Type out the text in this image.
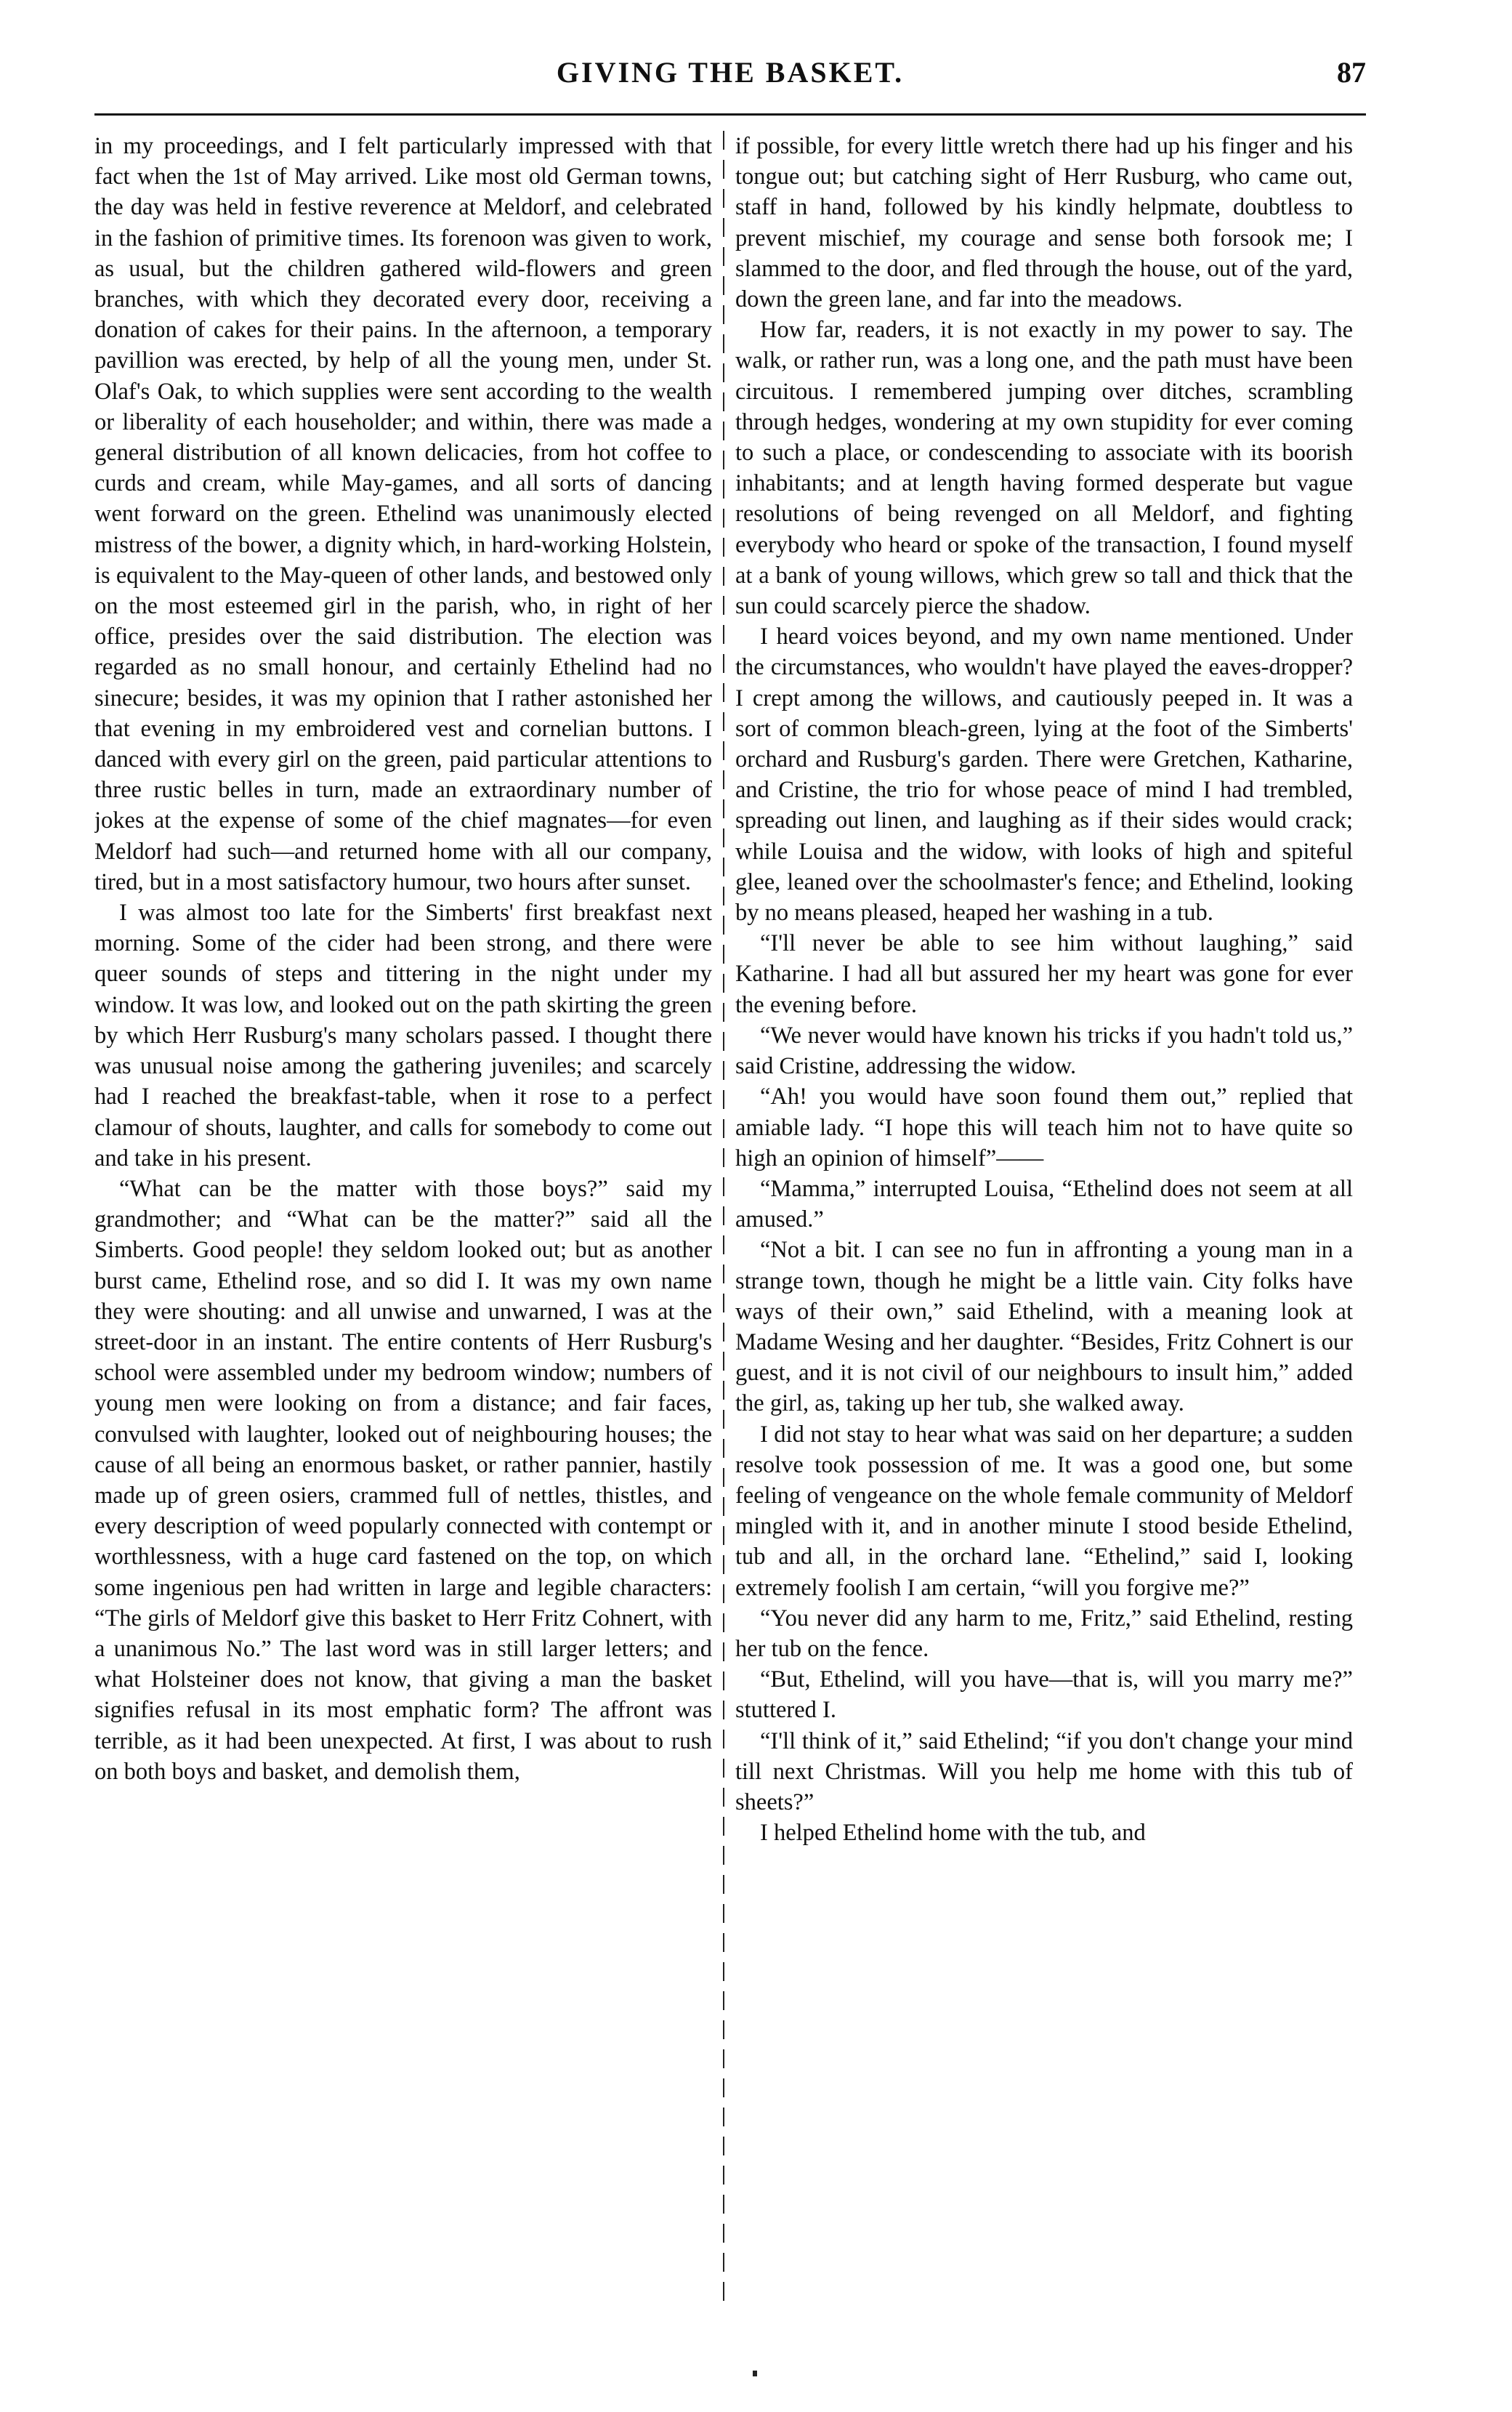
GIVING THE BASKET.	87

in my proceedings, and I felt particularly impressed with that fact when the 1st of May arrived. Like most old German towns, the day was held in festive reverence at Meldorf, and celebrated in the fashion of primitive times. Its forenoon was given to work, as usual, but the children gathered wild-flowers and green branches, with which they decorated every door, receiving a donation of cakes for their pains. In the afternoon, a temporary pavillion was erected, by help of all the young men, under St. Olaf's Oak, to which supplies were sent according to the wealth or liberality of each householder; and within, there was made a general distribution of all known delicacies, from hot coffee to curds and cream, while May-games, and all sorts of dancing went forward on the green. Ethelind was unanimously elected mistress of the bower, a dignity which, in hard-working Holstein, is equivalent to the May-queen of other lands, and bestowed only on the most esteemed girl in the parish, who, in right of her office, presides over the said distribution. The election was regarded as no small honour, and certainly Ethelind had no sinecure; besides, it was my opinion that I rather astonished her that evening in my embroidered vest and cornelian buttons. I danced with every girl on the green, paid particular attentions to three rustic belles in turn, made an extraordinary number of jokes at the expense of some of the chief magnates—for even Meldorf had such—and returned home with all our company, tired, but in a most satisfactory humour, two hours after sunset.

I was almost too late for the Simberts' first breakfast next morning. Some of the cider had been strong, and there were queer sounds of steps and tittering in the night under my window. It was low, and looked out on the path skirting the green by which Herr Rusburg's many scholars passed. I thought there was unusual noise among the gathering juveniles; and scarcely had I reached the breakfast-table, when it rose to a perfect clamour of shouts, laughter, and calls for somebody to come out and take in his present.

“What can be the matter with those boys?” said my grandmother; and “What can be the matter?” said all the Simberts. Good people! they seldom looked out; but as another burst came, Ethelind rose, and so did I. It was my own name they were shouting: and all unwise and unwarned, I was at the street-door in an instant. The entire contents of Herr Rusburg's school were assembled under my bedroom window; numbers of young men were looking on from a distance; and fair faces, convulsed with laughter, looked out of neighbouring houses; the cause of all being an enormous basket, or rather pannier, hastily made up of green osiers, crammed full of nettles, thistles, and every description of weed popularly connected with contempt or worthlessness, with a huge card fastened on the top, on which some ingenious pen had written in large and legible characters: “The girls of Meldorf give this basket to Herr Fritz Cohnert, with a unanimous No.” The last word was in still larger letters; and what Holsteiner does not know, that giving a man the basket signifies refusal in its most emphatic form? The affront was terrible, as it had been unexpected. At first, I was about to rush on both boys and basket, and demolish them,

if possible, for every little wretch there had up his finger and his tongue out; but catching sight of Herr Rusburg, who came out, staff in hand, followed by his kindly helpmate, doubtless to prevent mischief, my courage and sense both forsook me; I slammed to the door, and fled through the house, out of the yard, down the green lane, and far into the meadows.

How far, readers, it is not exactly in my power to say. The walk, or rather run, was a long one, and the path must have been circuitous. I remembered jumping over ditches, scrambling through hedges, wondering at my own stupidity for ever coming to such a place, or condescending to associate with its boorish inhabitants; and at length having formed desperate but vague resolutions of being revenged on all Meldorf, and fighting everybody who heard or spoke of the transaction, I found myself at a bank of young willows, which grew so tall and thick that the sun could scarcely pierce the shadow.

I heard voices beyond, and my own name mentioned. Under the circumstances, who wouldn't have played the eaves-dropper? I crept among the willows, and cautiously peeped in. It was a sort of common bleach-green, lying at the foot of the Simberts' orchard and Rusburg's garden. There were Gretchen, Katharine, and Cristine, the trio for whose peace of mind I had trembled, spreading out linen, and laughing as if their sides would crack; while Louisa and the widow, with looks of high and spiteful glee, leaned over the schoolmaster's fence; and Ethelind, looking by no means pleased, heaped her washing in a tub.

“I'll never be able to see him without laughing,” said Katharine. I had all but assured her my heart was gone for ever the evening before.

“We never would have known his tricks if you hadn't told us,” said Cristine, addressing the widow.

“Ah! you would have soon found them out,” replied that amiable lady. “I hope this will teach him not to have quite so high an opinion of himself”——

“Mamma,” interrupted Louisa, “Ethelind does not seem at all amused.”

“Not a bit. I can see no fun in affronting a young man in a strange town, though he might be a little vain. City folks have ways of their own,” said Ethelind, with a meaning look at Madame Wesing and her daughter. “Besides, Fritz Cohnert is our guest, and it is not civil of our neighbours to insult him,” added the girl, as, taking up her tub, she walked away.

I did not stay to hear what was said on her departure; a sudden resolve took possession of me. It was a good one, but some feeling of vengeance on the whole female community of Meldorf mingled with it, and in another minute I stood beside Ethelind, tub and all, in the orchard lane. “Ethelind,” said I, looking extremely foolish I am certain, “will you forgive me?”

“You never did any harm to me, Fritz,” said Ethelind, resting her tub on the fence.

“But, Ethelind, will you have—that is, will you marry me?” stuttered I.

“I'll think of it,” said Ethelind; “if you don't change your mind till next Christmas. Will you help me home with this tub of sheets?”

I helped Ethelind home with the tub, and
